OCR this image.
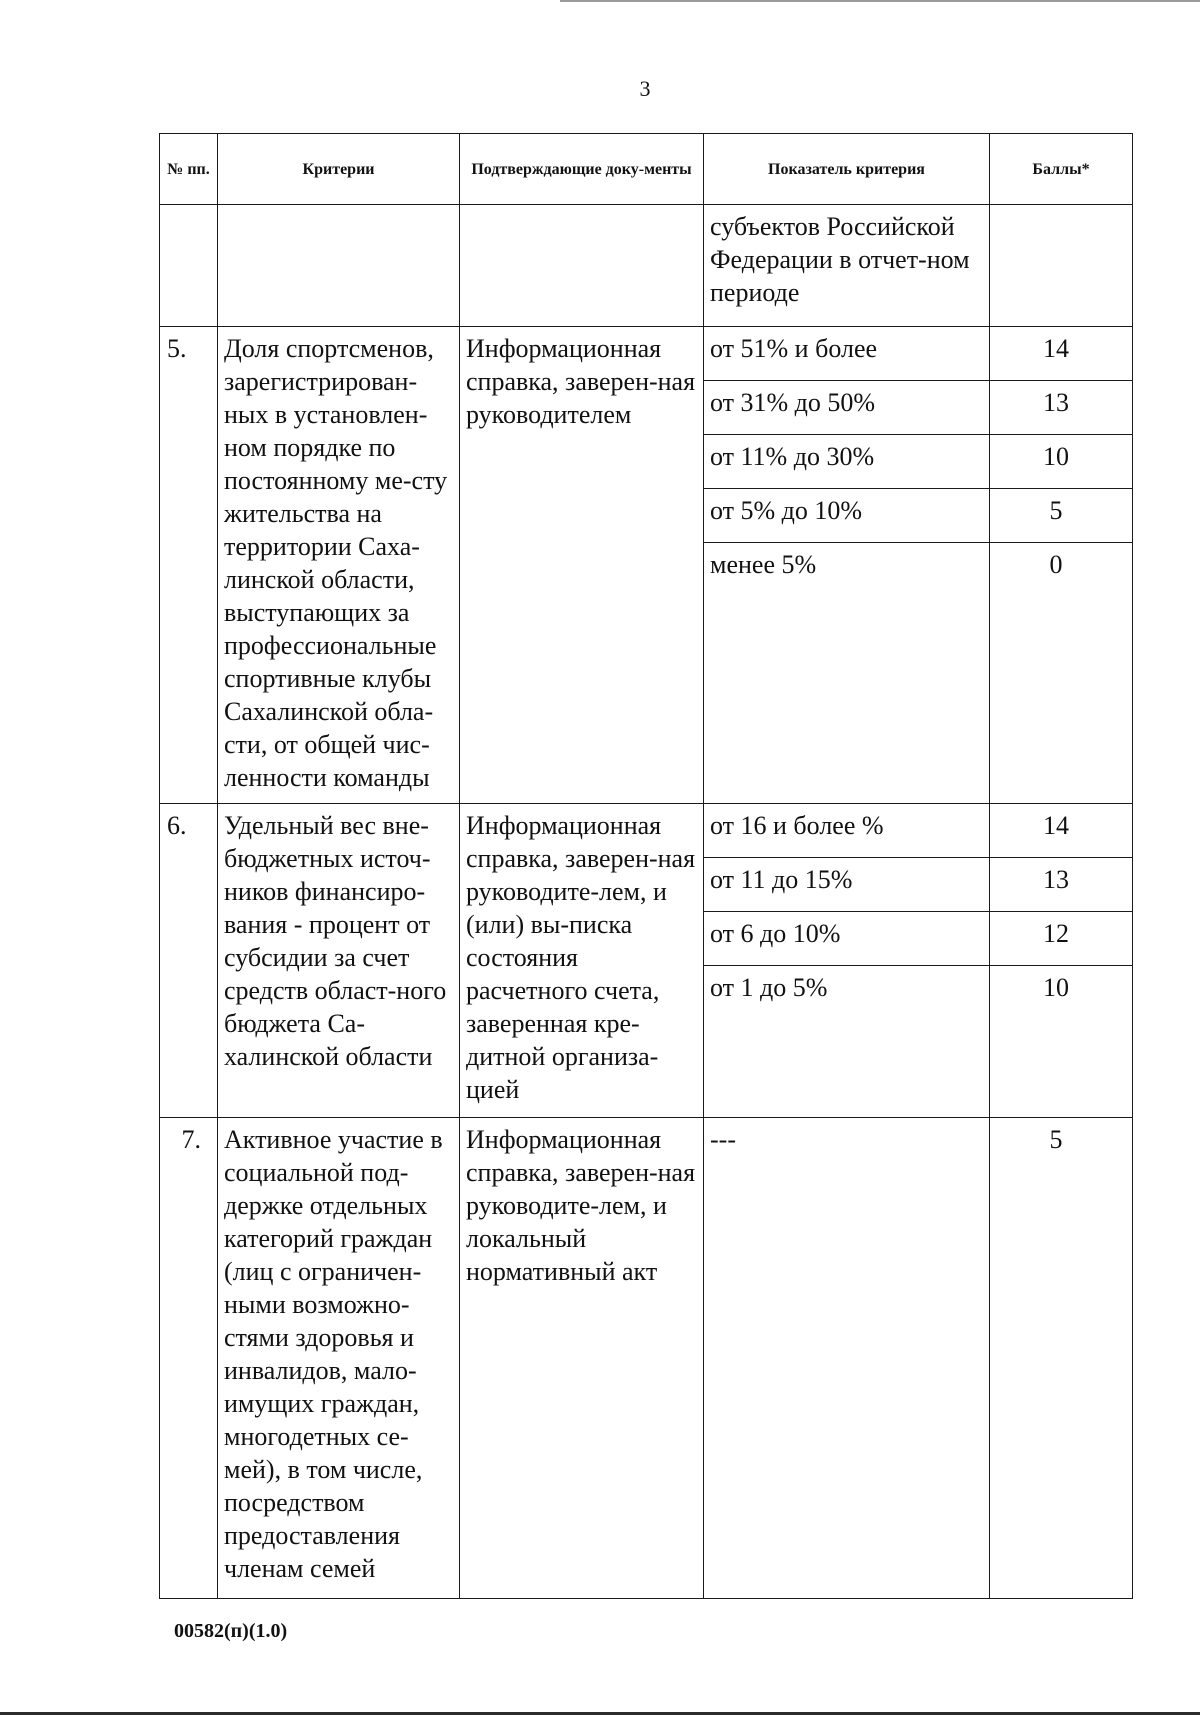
3
№ пп.	Критерии	Подтверждающие доку-менты	Показатель критерия	Баллы*

			субъектов Российской Федерации в отчет-ном периоде	

5.	Доля спортсменов, зарегистрирован-ных в установлен-ном порядке по постоянному ме-сту жительства на территории Саха-линской области, выступающих за профессиональные спортивные клубы Сахалинской обла-сти, от общей чис-ленности команды	Информационная справка, заверен-ная руководителем	от 51% и более	14

			от 31% до 50%	13

			от 11% до 30%	10

			от 5% до 10%	5

			менее 5%	0

6.	Удельный вес вне-бюджетных источ-ников финансиро-вания - процент от субсидии за счет средств област-ного бюджета Са-халинской области	Информационная справка, заверен-ная руководите-лем, и (или) вы-писка состояния расчетного счета, заверенная кре-дитной организа-цией	от 16 и более %	14

			от 11 до 15%	13

			от 6 до 10%	12

			от 1 до 5%	10

7.	Активное участие в социальной под-держке отдельных категорий граждан (лиц с ограничен-ными возможно-стями здоровья и инвалидов, мало-имущих граждан, многодетных се-мей), в том числе, посредством предоставления членам семей	Информационная справка, заверен-ная руководите-лем, и локальный нормативный акт	---	5
00582(п)(1.0)
